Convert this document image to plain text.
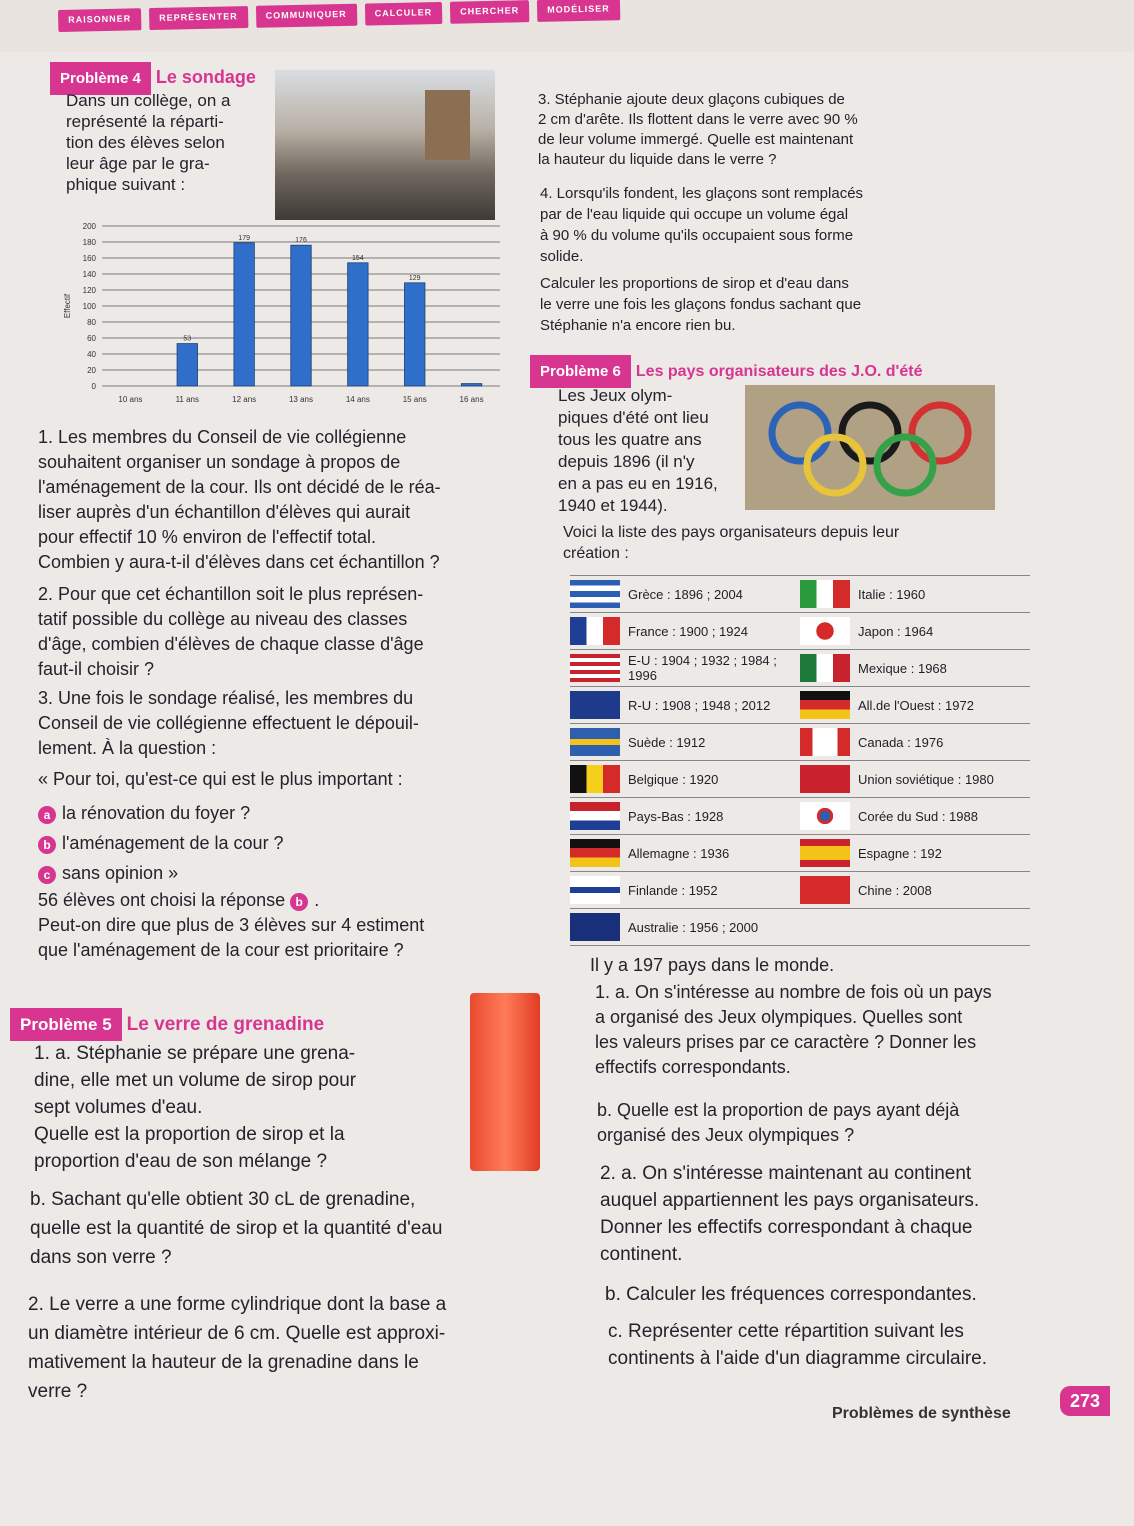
RAISONNER	REPRÉSENTER	COMMUNIQUER	CALCULER	CHERCHER	MODÉLISER
Problème 4 Le sondage

Dans un collège, on a

représenté la réparti-

tion des élèves selon

leur âge par le gra-

phique suivant :

0
20
40
60
80
100
120
140
160
180
200
Effectif
10 ans
53
11 ans
179
12 ans
176
13 ans
154
14 ans
129
15 ans	16 ans

1. Les membres du Conseil de vie collégienne

souhaitent organiser un sondage à propos de

l'aménagement de la cour. Ils ont décidé de le réa-

liser auprès d'un échantillon d'élèves qui aurait

pour effectif 10 % environ de l'effectif total.

Combien y aura-t-il d'élèves dans cet échantillon ?

2. Pour que cet échantillon soit le plus représen-

tatif possible du collège au niveau des classes

d'âge, combien d'élèves de chaque classe d'âge

faut-il choisir ?

3. Une fois le sondage réalisé, les membres du

Conseil de vie collégienne effectuent le dépouil-

lement. À la question :

« Pour toi, qu'est-ce qui est le plus important :

a la rénovation du foyer ?

b l'aménagement de la cour ?

c sans opinion »

56 élèves ont choisi la réponse b .

Peut-on dire que plus de 3 élèves sur 4 estiment

que l'aménagement de la cour est prioritaire ?

3. Stéphanie ajoute deux glaçons cubiques de

2 cm d'arête. Ils flottent dans le verre avec 90 %

de leur volume immergé. Quelle est maintenant

la hauteur du liquide dans le verre ?

4. Lorsqu'ils fondent, les glaçons sont remplacés

par de l'eau liquide qui occupe un volume égal

à 90 % du volume qu'ils occupaient sous forme

solide.

Calculer les proportions de sirop et d'eau dans

le verre une fois les glaçons fondus sachant que

Stéphanie n'a encore rien bu.

Problème 6 Les pays organisateurs des J.O. d'été

Les Jeux olym-

piques d'été ont lieu

tous les quatre ans

depuis 1896 (il n'y

en a pas eu en 1916,

1940 et 1944).

Voici la liste des pays organisateurs depuis leur

création :

Grèce : 1896 ; 2004	Italie : 1960
France : 1900 ; 1924	Japon : 1964
E-U : 1904 ; 1932 ; 1984 ; 1996	Mexique : 1968
R-U : 1908 ; 1948 ; 2012	All.de l'Ouest : 1972
Suède : 1912	Canada : 1976
Belgique : 1920	Union soviétique : 1980
Pays-Bas : 1928	Corée du Sud : 1988
Allemagne : 1936	Espagne : 192
Finlande : 1952	Chine : 2008
Australie : 1956 ; 2000

Il y a 197 pays dans le monde.

1. a. On s'intéresse au nombre de fois où un pays

a organisé des Jeux olympiques. Quelles sont

les valeurs prises par ce caractère ? Donner les

effectifs correspondants.

b. Quelle est la proportion de pays ayant déjà

organisé des Jeux olympiques ?

2. a. On s'intéresse maintenant au continent

auquel appartiennent les pays organisateurs.

Donner les effectifs correspondant à chaque

continent.

b. Calculer les fréquences correspondantes.

c. Représenter cette répartition suivant les

continents à l'aide d'un diagramme circulaire.

Problème 5 Le verre de grenadine

1. a. Stéphanie se prépare une grena-

dine, elle met un volume de sirop pour

sept volumes d'eau.

Quelle est la proportion de sirop et la

proportion d'eau de son mélange ?

b. Sachant qu'elle obtient 30 cL de grenadine,

quelle est la quantité de sirop et la quantité d'eau

dans son verre ?

2. Le verre a une forme cylindrique dont la base a

un diamètre intérieur de 6 cm. Quelle est approxi-

mativement la hauteur de la grenadine dans le

verre ?

Problèmes de synthèse
273
